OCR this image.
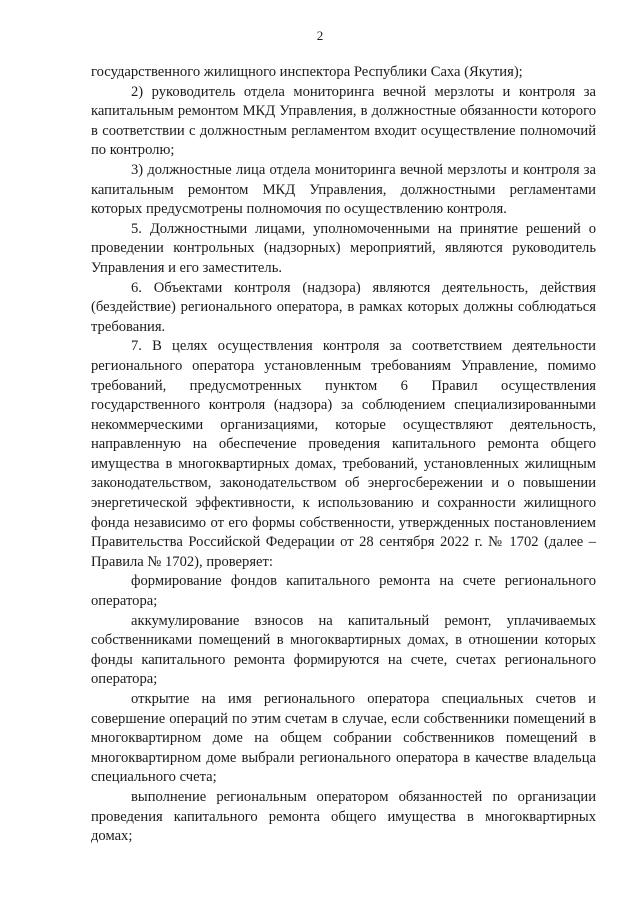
2

государственного жилищного инспектора Республики Саха (Якутия);

2) руководитель отдела мониторинга вечной мерзлоты и контроля за капитальным ремонтом МКД Управления, в должностные обязанности которого в соответствии с должностным регламентом входит осуществление полномочий по контролю;

3) должностные лица отдела мониторинга вечной мерзлоты и контроля за капитальным ремонтом МКД Управления, должностными регламентами которых предусмотрены полномочия по осуществлению контроля.

5. Должностными лицами, уполномоченными на принятие решений о проведении контрольных (надзорных) мероприятий, являются руководитель Управления и его заместитель.

6. Объектами контроля (надзора) являются деятельность, действия (бездействие) регионального оператора, в рамках которых должны соблюдаться требования.

7. В целях осуществления контроля за соответствием деятельности регионального оператора установленным требованиям Управление, помимо требований, предусмотренных пунктом 6 Правил осуществления государственного контроля (надзора) за соблюдением специализированными некоммерческими организациями, которые осуществляют деятельность, направленную на обеспечение проведения капитального ремонта общего имущества в многоквартирных домах, требований, установленных жилищным законодательством, законодательством об энергосбережении и о повышении энергетической эффективности, к использованию и сохранности жилищного фонда независимо от его формы собственности, утвержденных постановлением Правительства Российской Федерации от 28 сентября 2022 г. № 1702 (далее – Правила № 1702), проверяет:

формирование фондов капитального ремонта на счете регионального оператора;

аккумулирование взносов на капитальный ремонт, уплачиваемых собственниками помещений в многоквартирных домах, в отношении которых фонды капитального ремонта формируются на счете, счетах регионального оператора;

открытие на имя регионального оператора специальных счетов и совершение операций по этим счетам в случае, если собственники помещений в многоквартирном доме на общем собрании собственников помещений в многоквартирном доме выбрали регионального оператора в качестве владельца специального счета;

выполнение региональным оператором обязанностей по организации проведения капитального ремонта общего имущества в многоквартирных домах;
